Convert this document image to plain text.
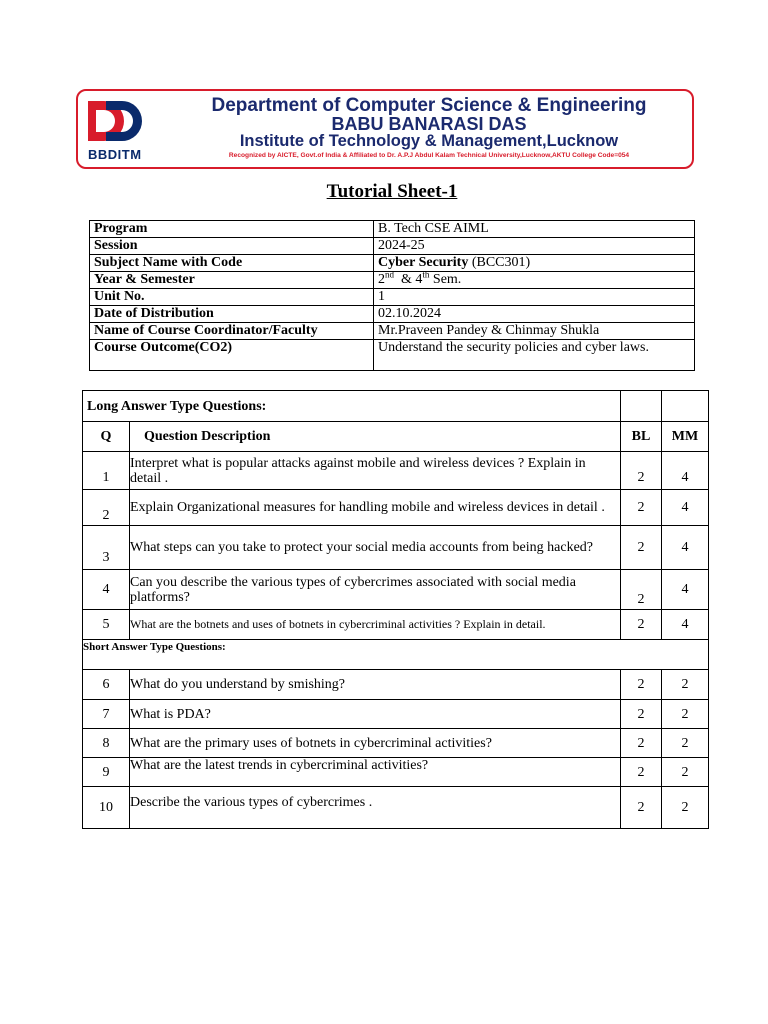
BBDITM
Department of Computer Science & Engineering
BABU BANARASI DAS
Institute of Technology & Management,Lucknow
Recognized by AICTE, Govt.of India & Affiliated to Dr. A.P.J Abdul Kalam Technical University,Lucknow,AKTU College Code=054
Tutorial Sheet-1
Program	B. Tech CSE AIML
Session	2024-25
Subject Name with Code	Cyber Security (BCC301)
Year & Semester	2nd  & 4th Sem.
Unit No.	1
Date of Distribution	02.10.2024
Name of Course Coordinator/Faculty	Mr.Praveen Pandey & Chinmay Shukla
Course Outcome(CO2)	Understand the security policies and cyber laws.
Long Answer Type Questions:			
Q	Question Description	BL	MM
1	Interpret what is popular attacks against mobile and wireless devices ? Explain in detail .	2	4
2	Explain Organizational measures for handling mobile and wireless devices in detail .	2	4
3	What steps can you take to protect your social media accounts from being hacked?	2	4
4	Can you describe the various types of cybercrimes associated with social media platforms?	2	4
5	What are the botnets and uses of botnets in cybercriminal activities ? Explain in detail.	2	4
Short Answer Type Questions:			
6	What do you understand by smishing?	2	2
7	What is PDA?	2	2
8	What are the primary uses of botnets in cybercriminal activities?	2	2
9	What are the latest trends in cybercriminal activities?	2	2
10	Describe the various types of cybercrimes .	2	2
